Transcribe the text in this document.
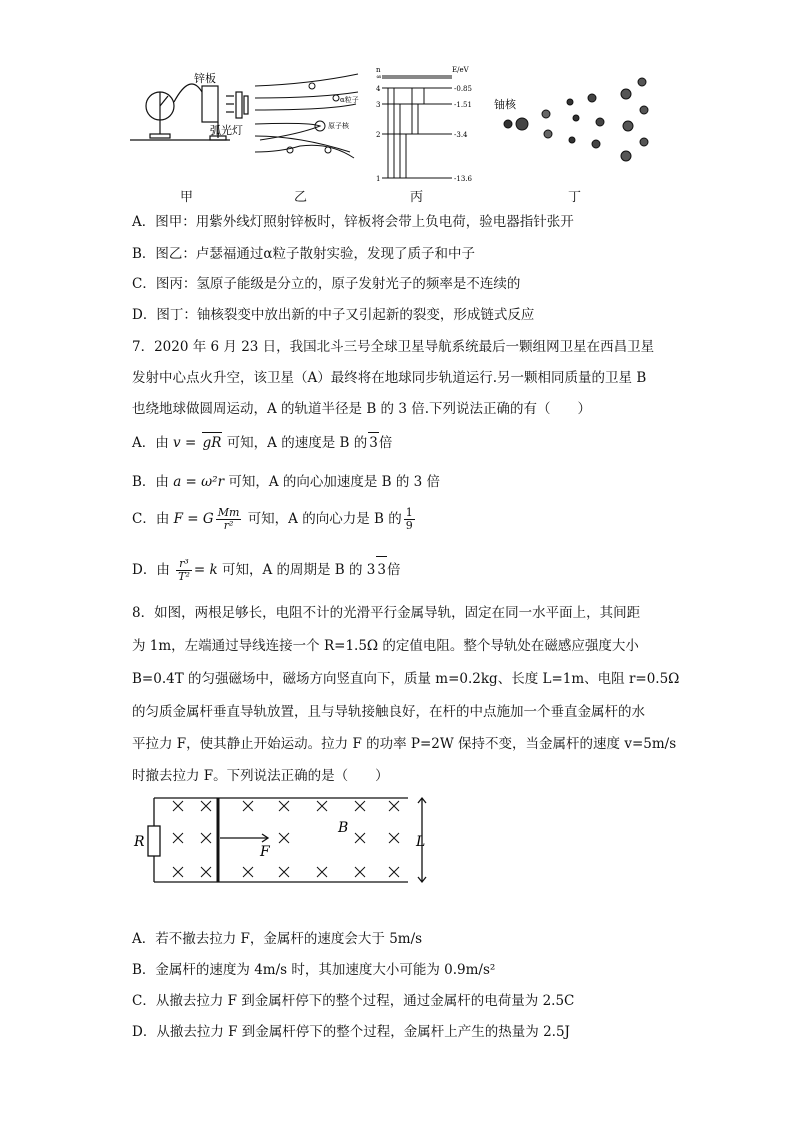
锌板
弧光灯
α粒子
原子核
n
∞
E/eV
4	-0.85
3	-1.51
2	-3.4
1	-13.6
铀核
甲	乙	丙	丁
A．图甲：用紫外线灯照射锌板时，锌板将会带上负电荷，验电器指针张开
B．图乙：卢瑟福通过α粒子散射实验，发现了质子和中子
C．图丙：氢原子能级是分立的，原子发射光子的频率是不连续的
D．图丁：铀核裂变中放出新的中子又引起新的裂变，形成链式反应
7．2020 年 6 月 23 日，我国北斗三号全球卫星导航系统最后一颗组网卫星在西昌卫星
发射中心点火升空，该卫星（A）最终将在地球同步轨道运行.另一颗相同质量的卫星 B
也绕地球做圆周运动，A 的轨道半径是 B 的 3 倍.下列说法正确的有（　　）
A．由 v = gR 可知，A 的速度是 B 的 3倍
B．由 a = ω²r 可知，A 的向心加速度是 B 的 3 倍
C．由 F = G $\frac{Mm}{\text{r²}}$ 可知，A 的向心力是 B 的 $\frac{1}{9}$
D．由 $\frac{\text{r³}}{\text{T²}} = k$ 可知，A 的周期是 B 的 3 3倍
8．如图，两根足够长，电阻不计的光滑平行金属导轨，固定在同一水平面上，其间距
为 1m，左端通过导线连接一个 R=1.5Ω 的定值电阻。整个导轨处在磁感应强度大小
B=0.4T 的匀强磁场中，磁场方向竖直向下，质量 m=0.2kg、长度 L=1m、电阻 r=0.5Ω
的匀质金属杆垂直导轨放置，且与导轨接触良好，在杆的中点施加一个垂直金属杆的水
平拉力 F，使其静止开始运动。拉力 F 的功率 P=2W 保持不变，当金属杆的速度 v=5m/s
时撤去拉力 F。下列说法正确的是（　　）
R
B
F
L
A．若不撤去拉力 F，金属杆的速度会大于 5m/s
B．金属杆的速度为 4m/s 时，其加速度大小可能为 0.9m/s²
C．从撤去拉力 F 到金属杆停下的整个过程，通过金属杆的电荷量为 2.5C
D．从撤去拉力 F 到金属杆停下的整个过程，金属杆上产生的热量为 2.5J
